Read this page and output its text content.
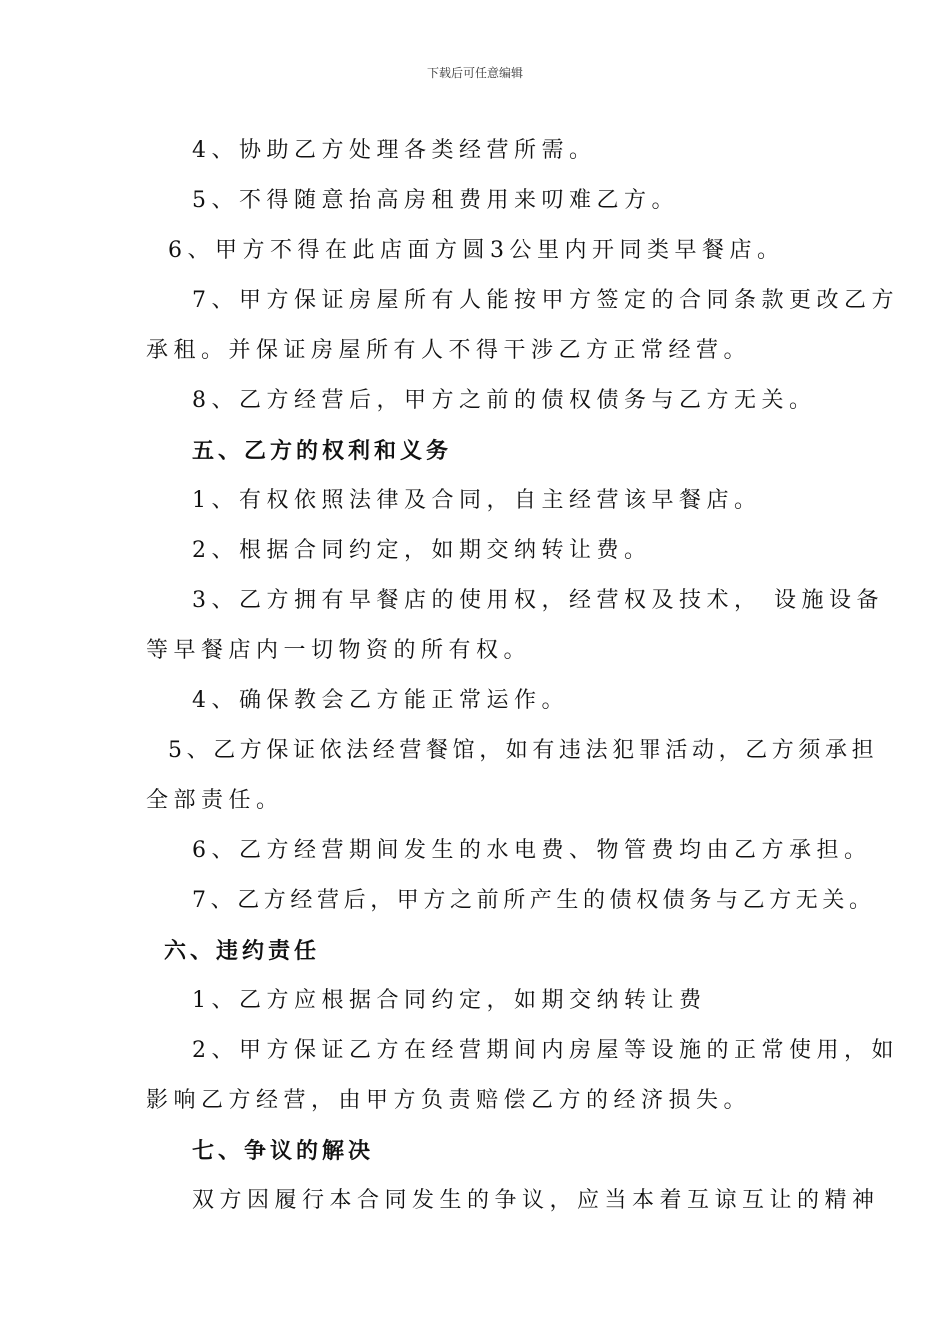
下载后可任意编辑
4、协助乙方处理各类经营所需。
5、不得随意抬高房租费用来叨难乙方。
6、甲方不得在此店面方圆3公里内开同类早餐店。
7、甲方保证房屋所有人能按甲方签定的合同条款更改乙方
承租。并保证房屋所有人不得干涉乙方正常经营。
8、乙方经营后，甲方之前的债权债务与乙方无关。
五、乙方的权利和义务
1、有权依照法律及合同，自主经营该早餐店。
2、根据合同约定，如期交纳转让费。
3、乙方拥有早餐店的使用权，经营权及技术， 设施设备
等早餐店内一切物资的所有权。
4、确保教会乙方能正常运作。
5、乙方保证依法经营餐馆，如有违法犯罪活动，乙方须承担
全部责任。
6、乙方经营期间发生的水电费、物管费均由乙方承担。
7、乙方经营后，甲方之前所产生的债权债务与乙方无关。
六、违约责任
1、乙方应根据合同约定，如期交纳转让费
2、甲方保证乙方在经营期间内房屋等设施的正常使用，如
影响乙方经营，由甲方负责赔偿乙方的经济损失。
七、争议的解决
双方因履行本合同发生的争议，应当本着互谅互让的精神
